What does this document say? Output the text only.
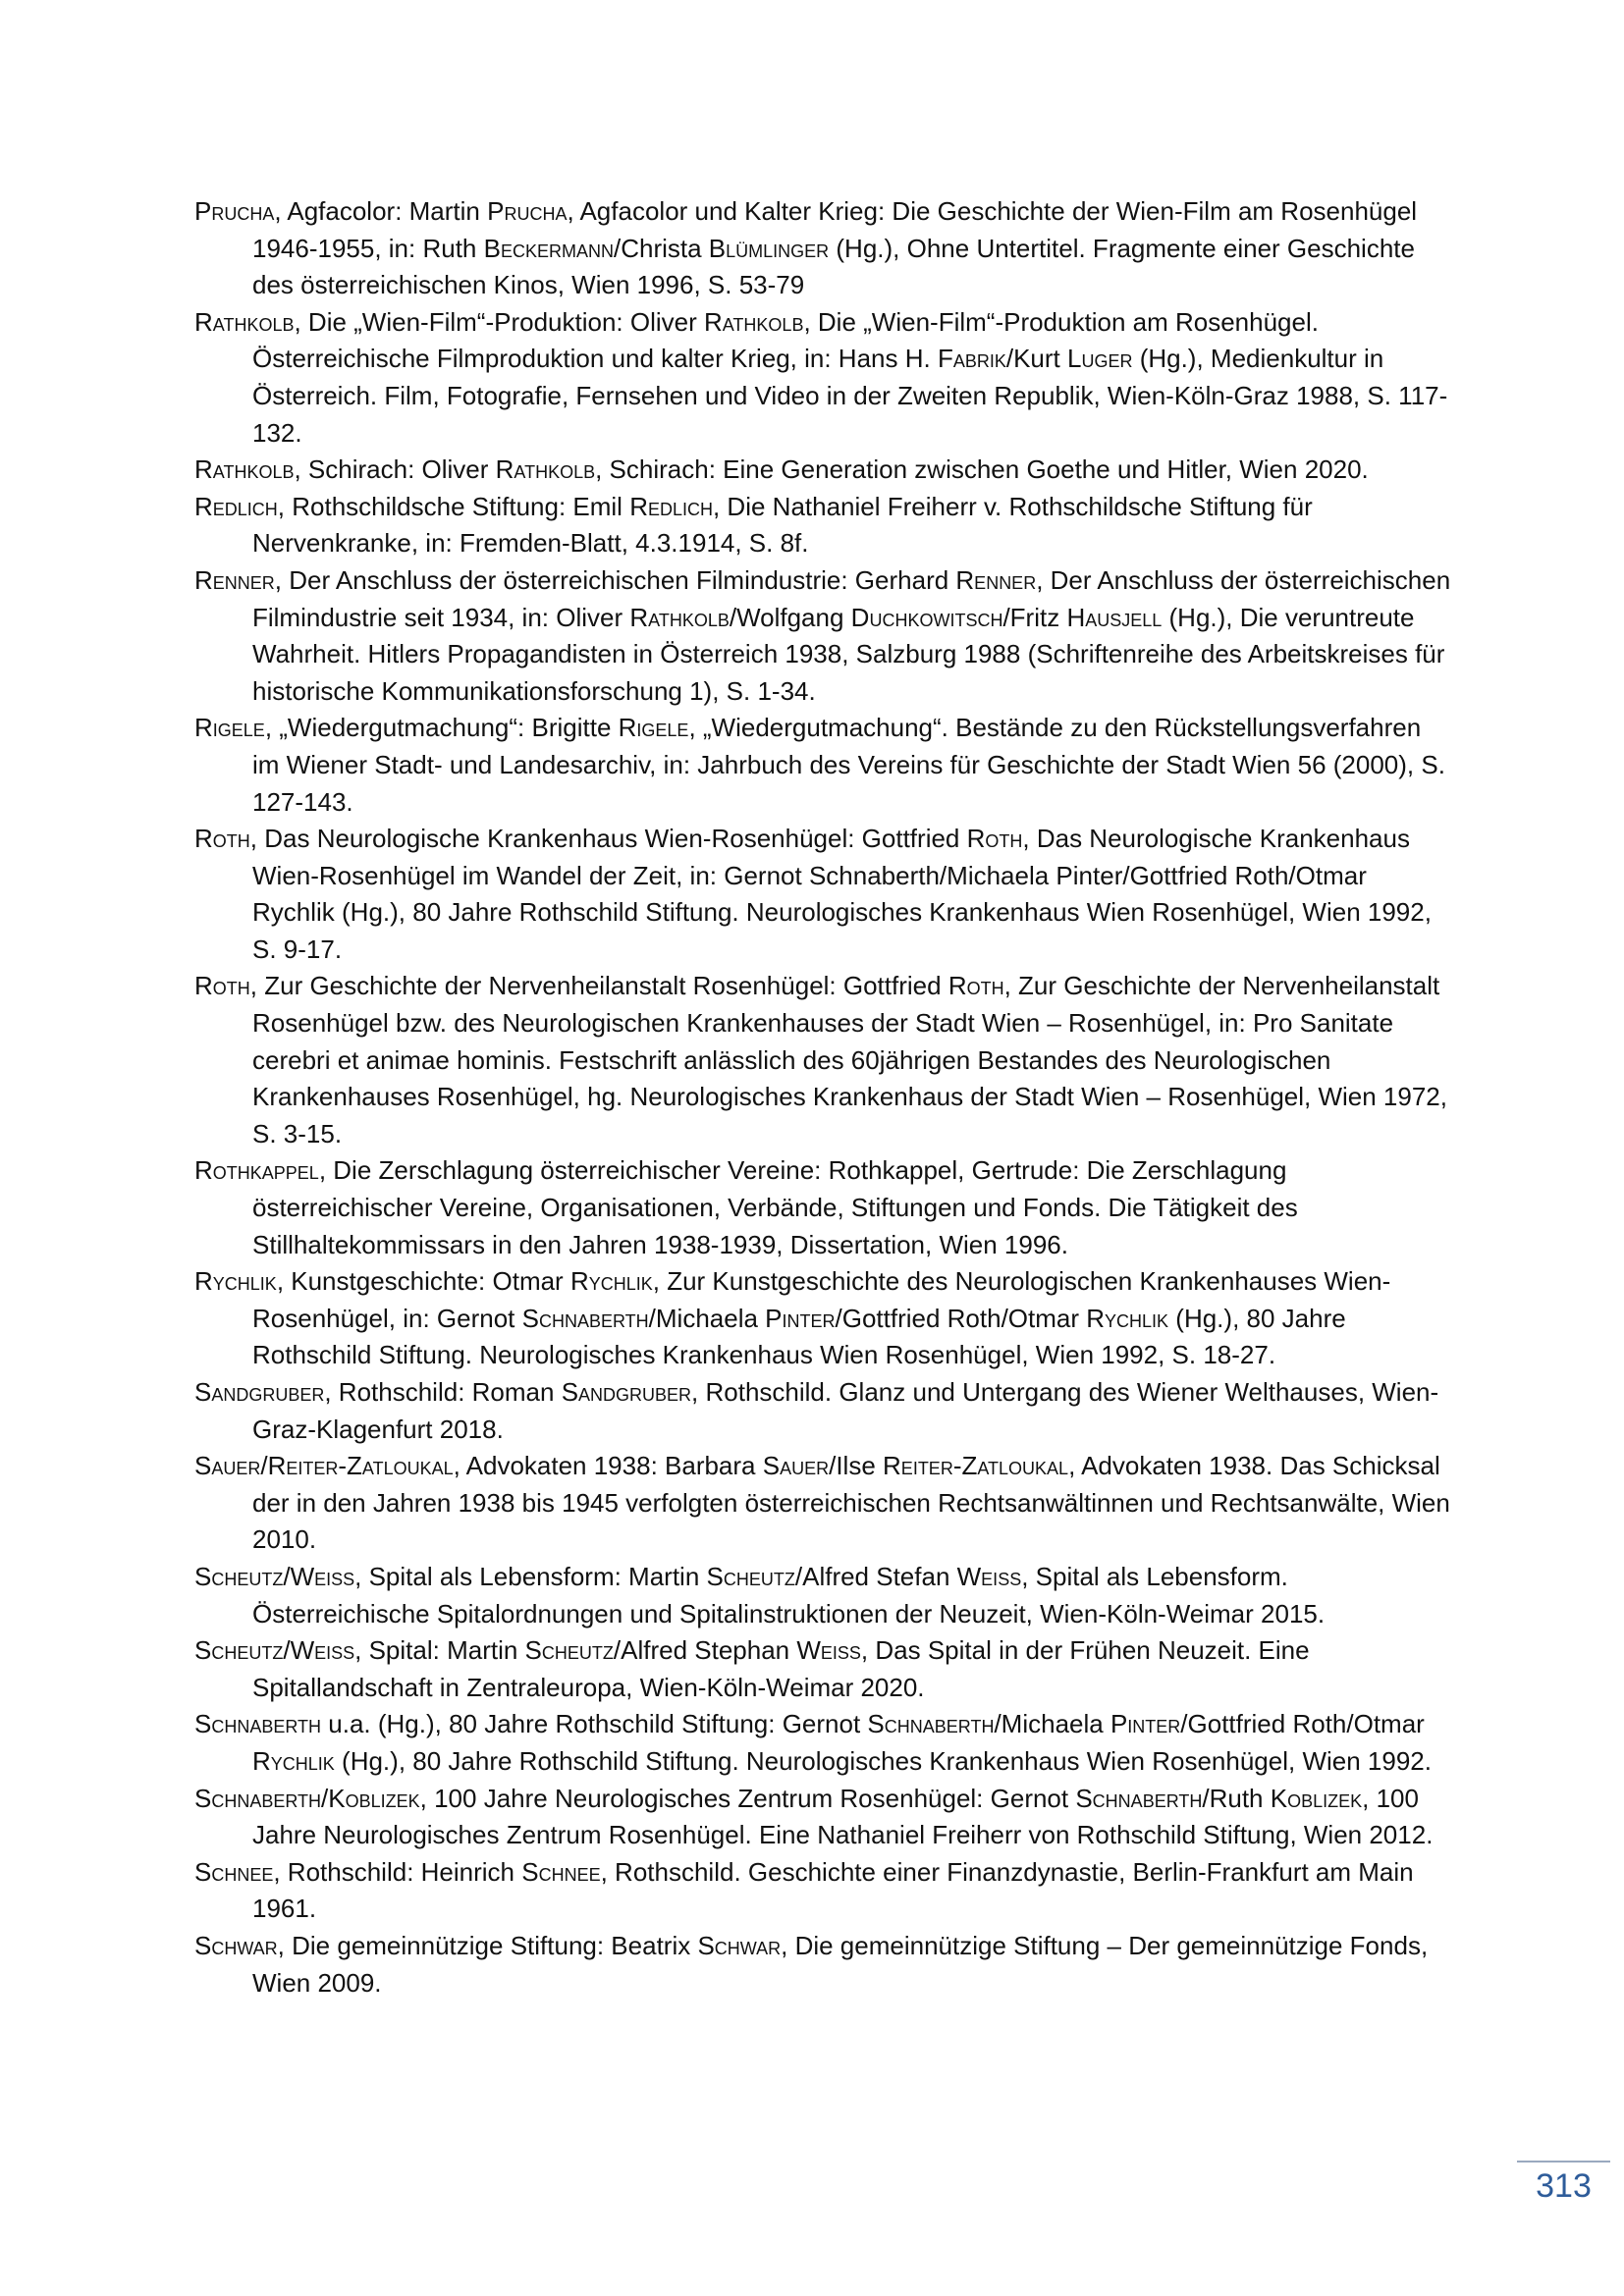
Prucha, Agfacolor: Martin Prucha, Agfacolor und Kalter Krieg: Die Geschichte der Wien-Film am Rosenhügel 1946-1955, in: Ruth Beckermann/Christa Blümlinger (Hg.), Ohne Untertitel. Fragmente einer Geschichte des österreichischen Kinos, Wien 1996, S. 53-79

Rathkolb, Die „Wien-Film“-Produktion: Oliver Rathkolb, Die „Wien-Film“-Produktion am Rosenhügel. Österreichische Filmproduktion und kalter Krieg, in: Hans H. Fabrik/Kurt Luger (Hg.), Medienkultur in Österreich. Film, Fotografie, Fernsehen und Video in der Zweiten Republik, Wien-Köln-Graz 1988, S. 117-132.

Rathkolb, Schirach: Oliver Rathkolb, Schirach: Eine Generation zwischen Goethe und Hitler, Wien 2020.

Redlich, Rothschildsche Stiftung: Emil Redlich, Die Nathaniel Freiherr v. Rothschildsche Stiftung für Nervenkranke, in: Fremden-Blatt, 4.3.1914, S. 8f.

Renner, Der Anschluss der österreichischen Filmindustrie: Gerhard Renner, Der Anschluss der österreichischen Filmindustrie seit 1934, in: Oliver Rathkolb/Wolfgang Duchkowitsch/Fritz Hausjell (Hg.), Die veruntreute Wahrheit. Hitlers Propagandisten in Österreich 1938, Salzburg 1988 (Schriftenreihe des Arbeitskreises für historische Kommunikationsforschung 1), S. 1-34.

Rigele, „Wiedergutmachung“: Brigitte Rigele, „Wiedergutmachung“. Bestände zu den Rückstellungsverfahren im Wiener Stadt- und Landesarchiv, in: Jahrbuch des Vereins für Geschichte der Stadt Wien 56 (2000), S. 127-143.

Roth, Das Neurologische Krankenhaus Wien-Rosenhügel: Gottfried Roth, Das Neurologische Krankenhaus Wien-Rosenhügel im Wandel der Zeit, in: Gernot Schnaberth/Michaela Pinter/Gottfried Roth/Otmar Rychlik (Hg.), 80 Jahre Rothschild Stiftung. Neurologisches Krankenhaus Wien Rosenhügel, Wien 1992, S. 9-17.

Roth, Zur Geschichte der Nervenheilanstalt Rosenhügel: Gottfried Roth, Zur Geschichte der Nervenheilanstalt Rosenhügel bzw. des Neurologischen Krankenhauses der Stadt Wien – Rosenhügel, in: Pro Sanitate cerebri et animae hominis. Festschrift anlässlich des 60jährigen Bestandes des Neurologischen Krankenhauses Rosenhügel, hg. Neurologisches Krankenhaus der Stadt Wien – Rosenhügel, Wien 1972, S. 3-15.

Rothkappel, Die Zerschlagung österreichischer Vereine: Rothkappel, Gertrude: Die Zerschlagung österreichischer Vereine, Organisationen, Verbände, Stiftungen und Fonds. Die Tätigkeit des Stillhaltekommissars in den Jahren 1938-1939, Dissertation, Wien 1996.

Rychlik, Kunstgeschichte: Otmar Rychlik, Zur Kunstgeschichte des Neurologischen Krankenhauses Wien-Rosenhügel, in: Gernot Schnaberth/Michaela Pinter/Gottfried Roth/Otmar Rychlik (Hg.), 80 Jahre Rothschild Stiftung. Neurologisches Krankenhaus Wien Rosenhügel, Wien 1992, S. 18-27.

Sandgruber, Rothschild: Roman Sandgruber, Rothschild. Glanz und Untergang des Wiener Welthauses, Wien-Graz-Klagenfurt 2018.

Sauer/Reiter-Zatloukal, Advokaten 1938: Barbara Sauer/Ilse Reiter-Zatloukal, Advokaten 1938. Das Schicksal der in den Jahren 1938 bis 1945 verfolgten österreichischen Rechtsanwältinnen und Rechtsanwälte, Wien 2010.

Scheutz/Weiss, Spital als Lebensform: Martin Scheutz/Alfred Stefan Weiss, Spital als Lebensform. Österreichische Spitalordnungen und Spitalinstruktionen der Neuzeit, Wien-Köln-Weimar 2015.

Scheutz/Weiss, Spital: Martin Scheutz/Alfred Stephan Weiss, Das Spital in der Frühen Neuzeit. Eine Spitallandschaft in Zentraleuropa, Wien-Köln-Weimar 2020.

Schnaberth u.a. (Hg.), 80 Jahre Rothschild Stiftung: Gernot Schnaberth/Michaela Pinter/Gottfried Roth/Otmar Rychlik (Hg.), 80 Jahre Rothschild Stiftung. Neurologisches Krankenhaus Wien Rosenhügel, Wien 1992.

Schnaberth/Koblizek, 100 Jahre Neurologisches Zentrum Rosenhügel: Gernot Schnaberth/Ruth Koblizek, 100 Jahre Neurologisches Zentrum Rosenhügel. Eine Nathaniel Freiherr von Rothschild Stiftung, Wien 2012.

Schnee, Rothschild: Heinrich Schnee, Rothschild. Geschichte einer Finanzdynastie, Berlin-Frankfurt am Main 1961.

Schwar, Die gemeinnützige Stiftung: Beatrix Schwar, Die gemeinnützige Stiftung – Der gemeinnützige Fonds, Wien 2009.

313
